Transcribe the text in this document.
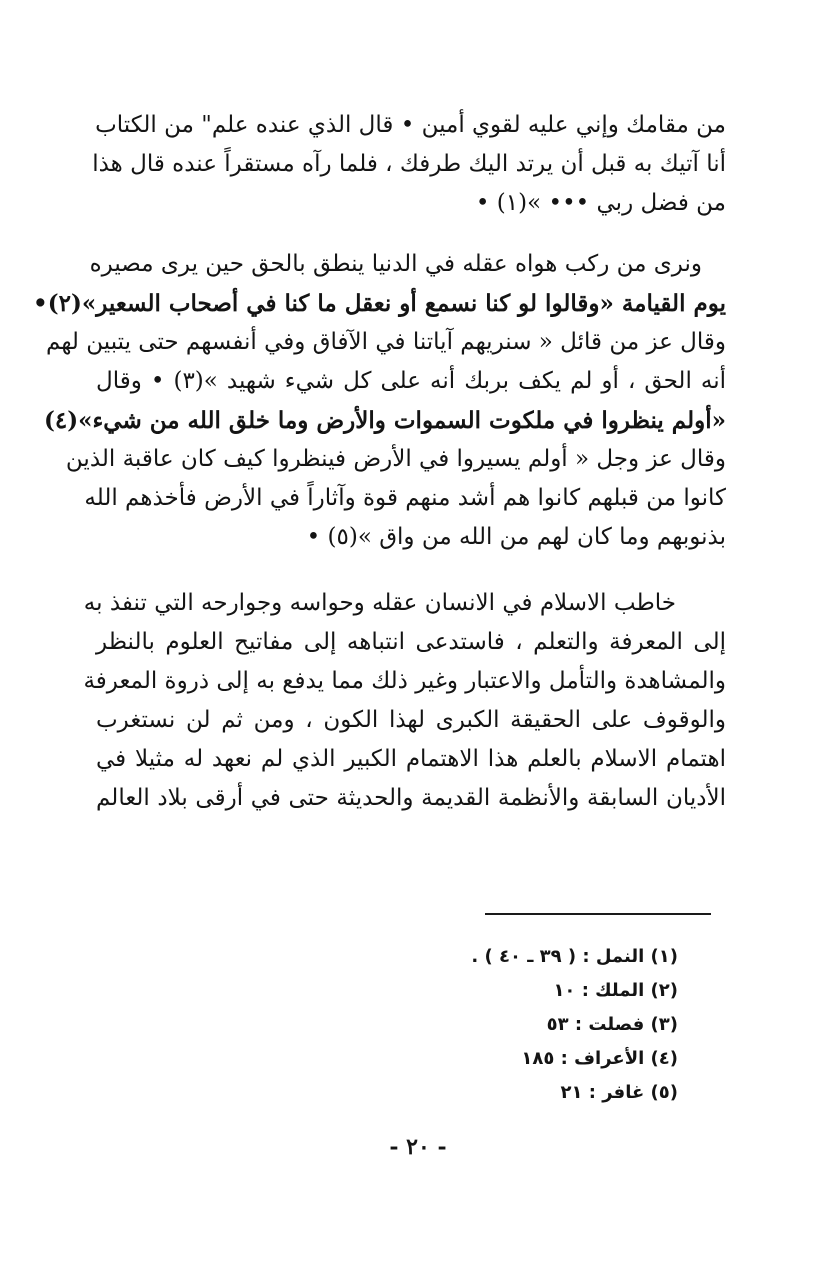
من مقامك وإني عليه لقوي أمين • قال الذي عنده علم" من الكتاب
أنا آتيك به قبل أن يرتد اليك طرفك ، فلما رآه مستقراً عنده قال هذا
من فضل ربي ••• »(١) •
ونرى من ركب هواه عقله في الدنيا ينطق بالحق حين يرى مصيره
يوم القيامة «وقالوا لو كنا نسمع أو نعقل ما كنا في أصحاب السعير»(٢)•
وقال عز من قائل « سنريهم آياتنا في الآفاق وفي أنفسهم حتى يتبين لهم
أنه الحق ، أو لم يكف بربك أنه على كل شيء شهيد »(٣) • وقال
«أولم ينظروا في ملكوت السموات والأرض وما خلق الله من شيء»(٤)
وقال عز وجل « أولم يسيروا في الأرض فينظروا كيف كان عاقبة الذين
كانوا من قبلهم كانوا هم أشد منهم قوة وآثاراً في الأرض فأخذهم الله
بذنوبهم وما كان لهم من الله من واق »(٥) •
خاطب الاسلام في الانسان عقله وحواسه وجوارحه التي تنفذ به
إلى المعرفة والتعلم ، فاستدعى انتباهه إلى مفاتيح العلوم بالنظر
والمشاهدة والتأمل والاعتبار وغير ذلك مما يدفع به إلى ذروة المعرفة
والوقوف على الحقيقة الكبرى لهذا الكون ، ومن ثم لن نستغرب
اهتمام الاسلام بالعلم هذا الاهتمام الكبير الذي لم نعهد له مثيلا في
الأديان السابقة والأنظمة القديمة والحديثة حتى في أرقى بلاد العالم
(١) النمل : ( ٣٩ ـ ٤٠ ) .
(٢) الملك : ١٠
(٣) فصلت : ٥٣
(٤) الأعراف : ١٨٥
(٥) غافر : ٢١
- ٢٠ -
